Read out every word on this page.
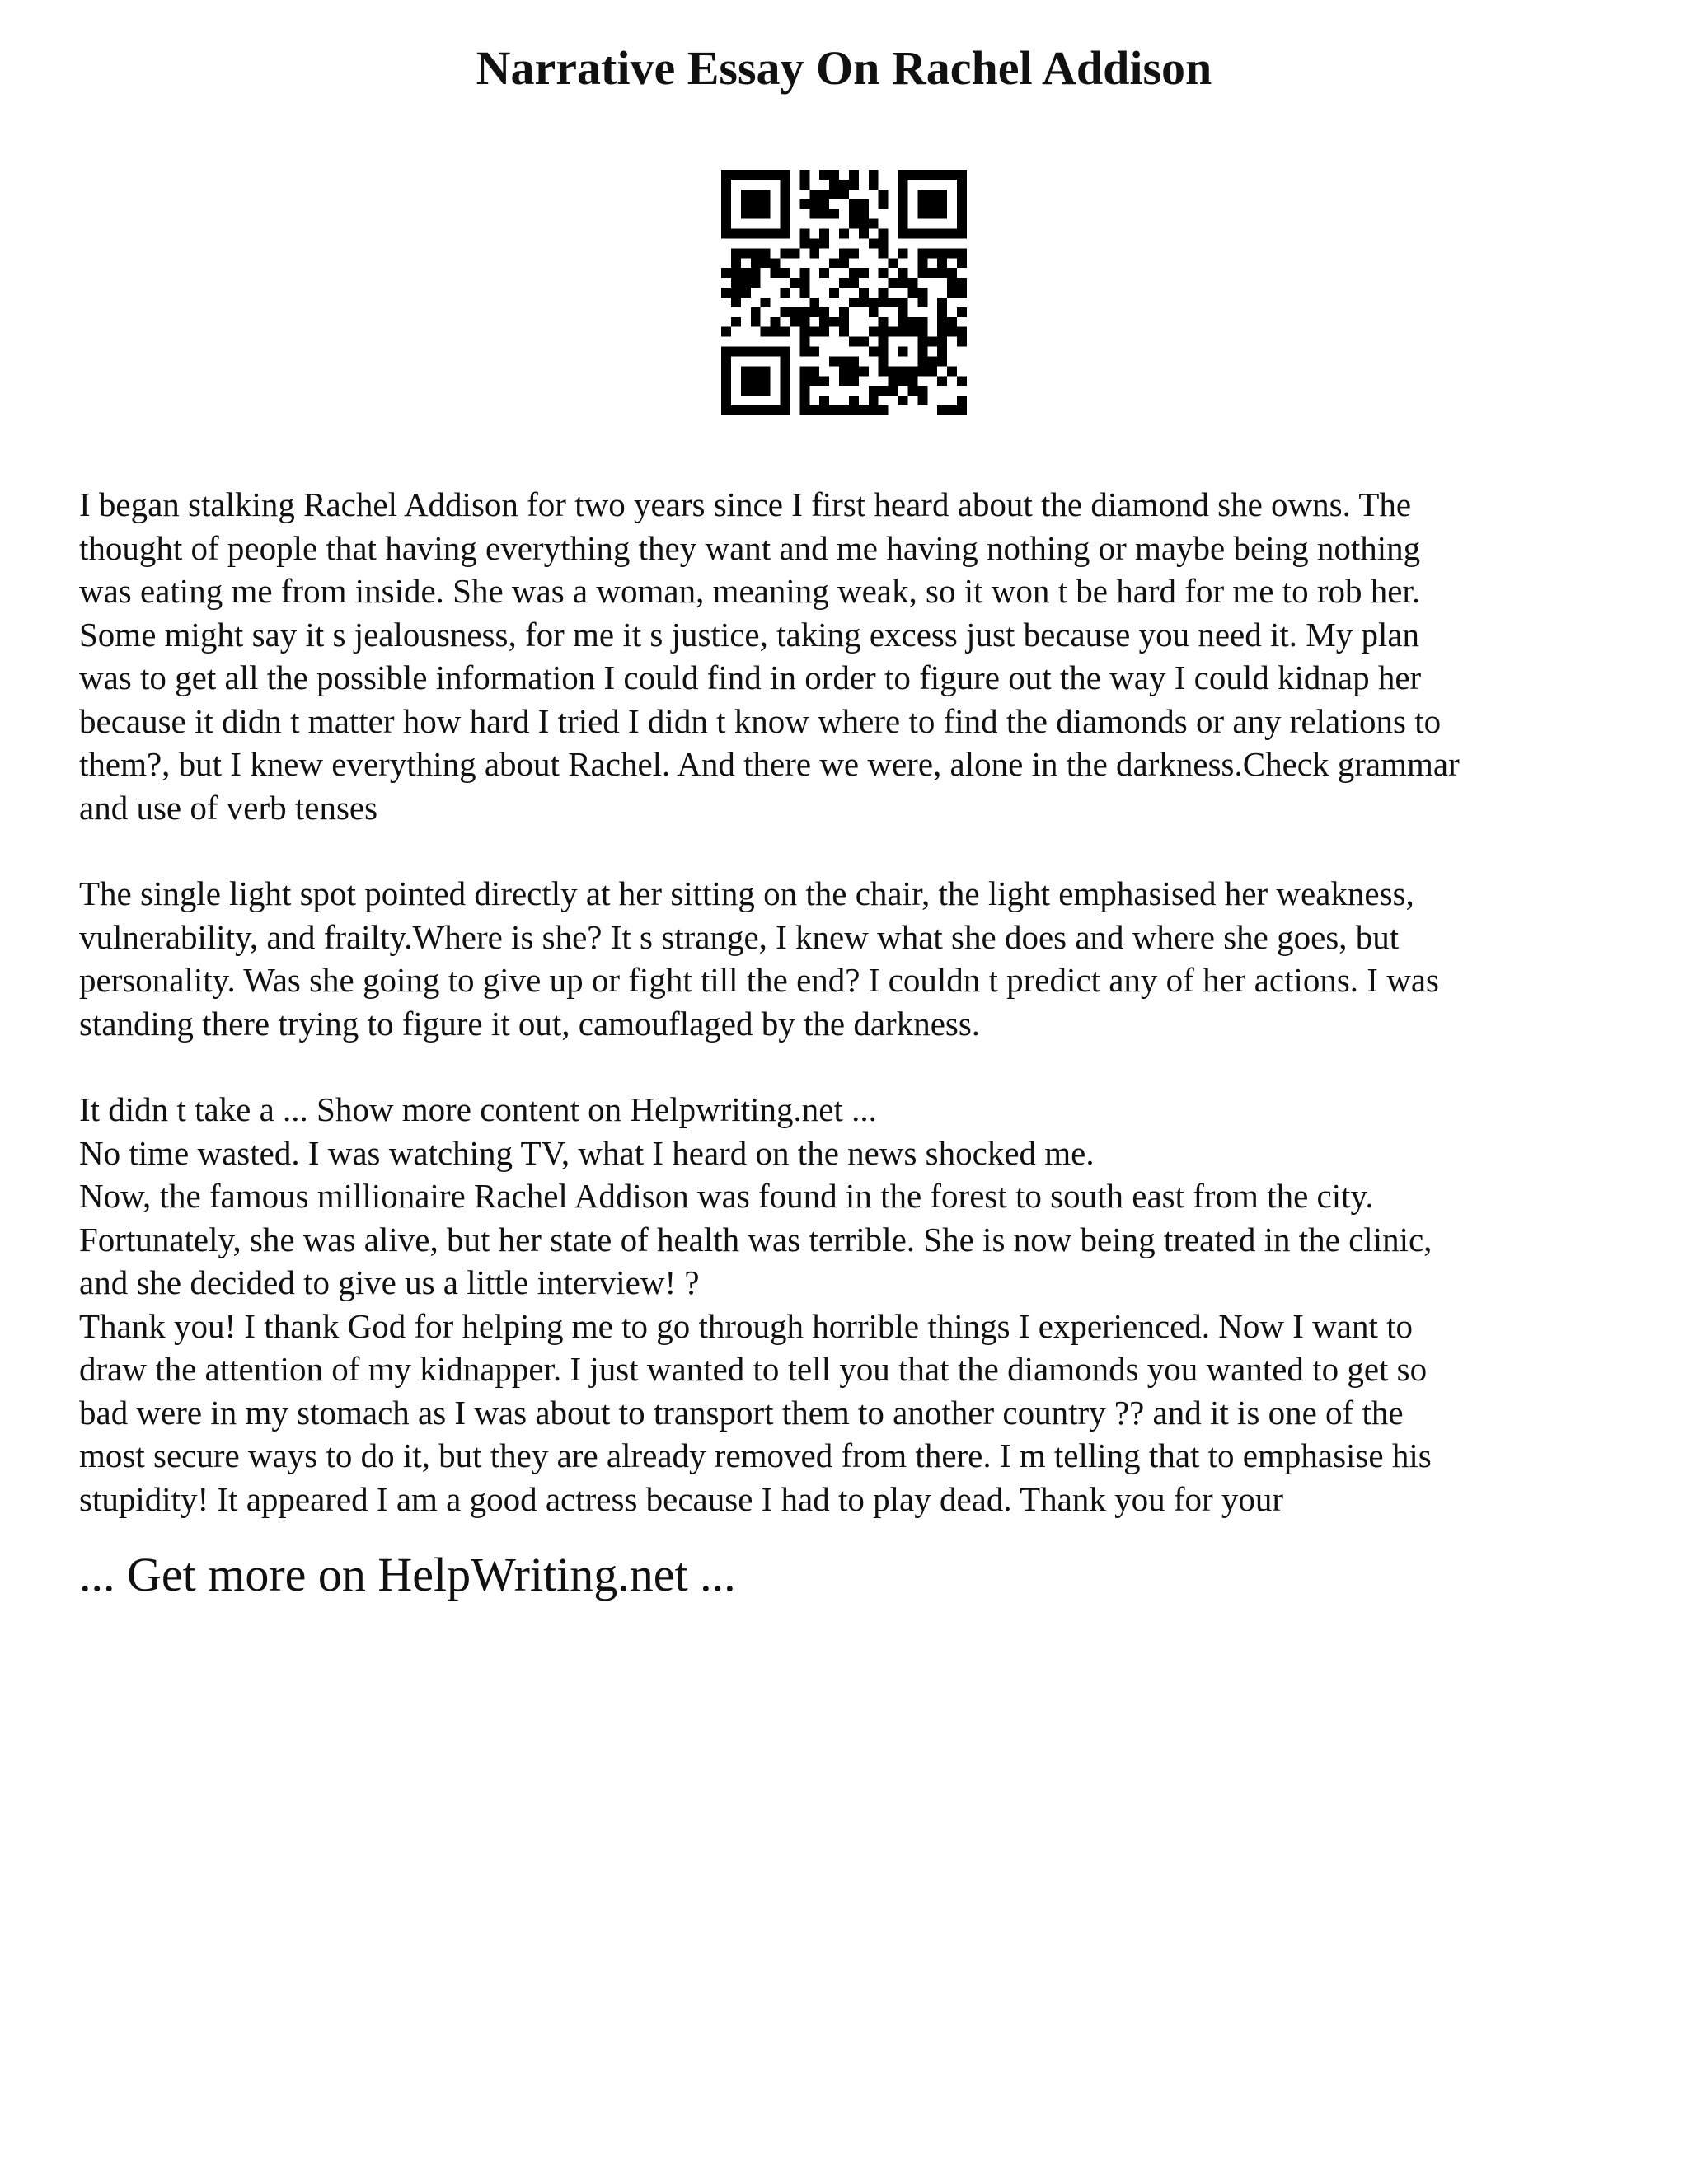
Narrative Essay On Rachel Addison
I began stalking Rachel Addison for two years since I first heard about the diamond she owns. The
thought of people that having everything they want and me having nothing or maybe being nothing
was eating me from inside. She was a woman, meaning weak, so it won t be hard for me to rob her.
Some might say it s jealousness, for me it s justice, taking excess just because you need it. My plan
was to get all the possible information I could find in order to figure out the way I could kidnap her
because it didn t matter how hard I tried I didn t know where to find the diamonds or any relations to
them?, but I knew everything about Rachel. And there we were, alone in the darkness.Check grammar
and use of verb tenses
The single light spot pointed directly at her sitting on the chair, the light emphasised her weakness,
vulnerability, and frailty.Where is she? It s strange, I knew what she does and where she goes, but
personality. Was she going to give up or fight till the end? I couldn t predict any of her actions. I was
standing there trying to figure it out, camouflaged by the darkness.
It didn t take a ... Show more content on Helpwriting.net ...
No time wasted. I was watching TV, what I heard on the news shocked me.
Now, the famous millionaire Rachel Addison was found in the forest to south east from the city.
Fortunately, she was alive, but her state of health was terrible. She is now being treated in the clinic,
and she decided to give us a little interview! ?
Thank you! I thank God for helping me to go through horrible things I experienced. Now I want to
draw the attention of my kidnapper. I just wanted to tell you that the diamonds you wanted to get so
bad were in my stomach as I was about to transport them to another country ?? and it is one of the
most secure ways to do it, but they are already removed from there. I m telling that to emphasise his
stupidity! It appeared I am a good actress because I had to play dead. Thank you for your

... Get more on HelpWriting.net ...
